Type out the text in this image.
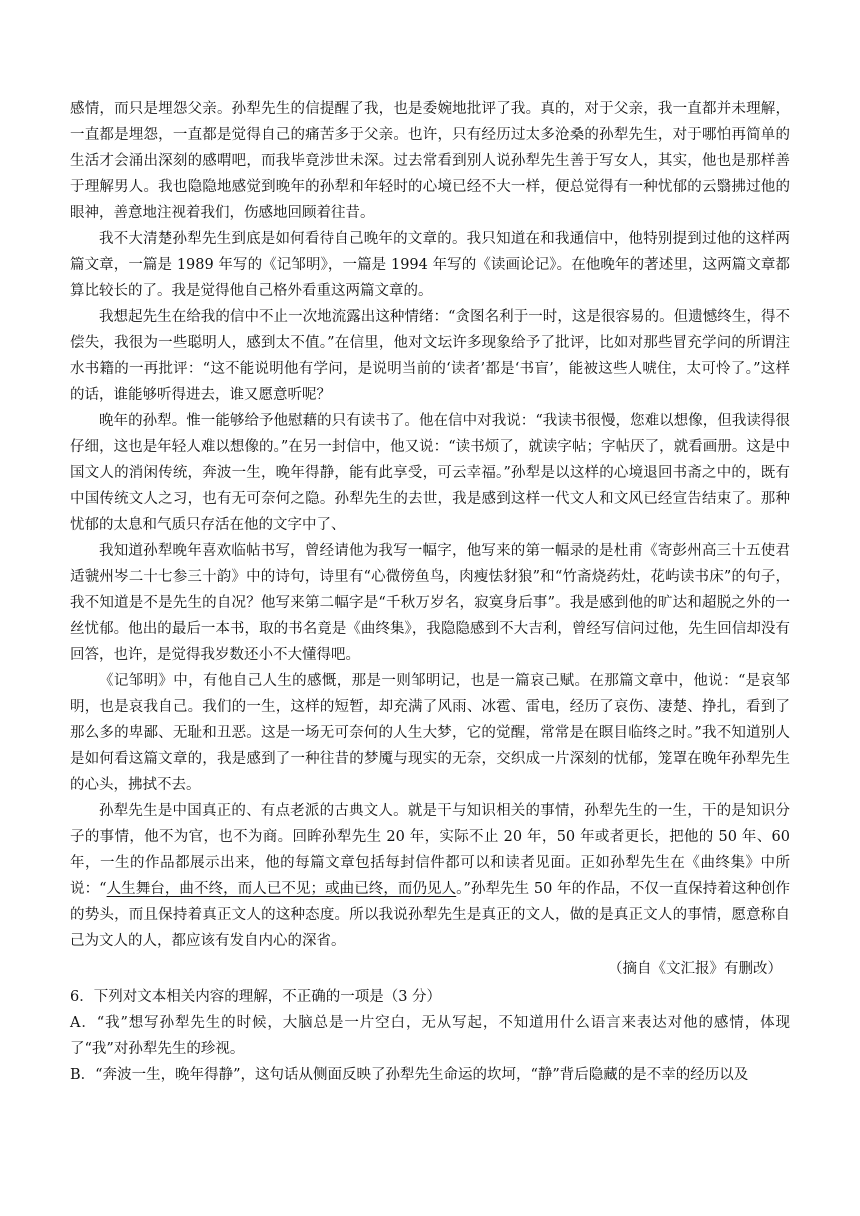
感情，而只是埋怨父亲。孙犁先生的信提醒了我，也是委婉地批评了我。真的，对于父亲，我一直都并未理解，一直都是埋怨，一直都是觉得自己的痛苦多于父亲。也许，只有经历过太多沧桑的孙犁先生，对于哪怕再简单的生活才会涌出深刻的感喟吧，而我毕竟涉世未深。过去常看到别人说孙犁先生善于写女人，其实，他也是那样善于理解男人。我也隐隐地感觉到晚年的孙犁和年轻时的心境已经不大一样，便总觉得有一种忧郁的云翳拂过他的眼神，善意地注视着我们，伤感地回顾着往昔。

我不大清楚孙犁先生到底是如何看待自己晚年的文章的。我只知道在和我通信中，他特别提到过他的这样两篇文章，一篇是 1989 年写的《记邹明》，一篇是 1994 年写的《读画论记》。在他晚年的著述里，这两篇文章都算比较长的了。我是觉得他自己格外看重这两篇文章的。

我想起先生在给我的信中不止一次地流露出这种情绪：“贪图名利于一时，这是很容易的。但遗憾终生，得不偿失，我很为一些聪明人，感到太不值。”在信里，他对文坛许多现象给予了批评，比如对那些冒充学问的所谓注水书籍的一再批评：“这不能说明他有学问，是说明当前的‘读者’都是‘书盲’，能被这些人唬住，太可怜了。”这样的话，谁能够听得进去，谁又愿意听呢？

晚年的孙犁。惟一能够给予他慰藉的只有读书了。他在信中对我说：“我读书很慢，您难以想像，但我读得很仔细，这也是年轻人难以想像的。”在另一封信中，他又说：“读书烦了，就读字帖；字帖厌了，就看画册。这是中国文人的消闲传统，奔波一生，晚年得静，能有此享受，可云幸福。”孙犁是以这样的心境退回书斋之中的，既有中国传统文人之习，也有无可奈何之隐。孙犁先生的去世，我是感到这样一代文人和文风已经宣告结束了。那种忧郁的太息和气质只存活在他的文字中了、

我知道孙犁晚年喜欢临帖书写，曾经请他为我写一幅字，他写来的第一幅录的是杜甫《寄彭州高三十五使君适虢州岑二十七参三十韵》中的诗句，诗里有“心微傍鱼鸟，肉瘦怯豺狼”和“竹斋烧药灶，花屿读书床”的句子，我不知道是不是先生的自况？他写来第二幅字是“千秋万岁名，寂寞身后事”。我是感到他的旷达和超脱之外的一丝忧郁。他出的最后一本书，取的书名竟是《曲终集》，我隐隐感到不大吉利，曾经写信问过他，先生回信却没有回答，也许，是觉得我岁数还小不大懂得吧。

《记邹明》中，有他自己人生的感慨，那是一则邹明记，也是一篇哀己赋。在那篇文章中，他说：“是哀邹明，也是哀我自己。我们的一生，这样的短暂，却充满了风雨、冰雹、雷电，经历了哀伤、凄楚、挣扎，看到了那么多的卑鄙、无耻和丑恶。这是一场无可奈何的人生大梦，它的觉醒，常常是在瞑目临终之时。”我不知道别人是如何看这篇文章的，我是感到了一种往昔的梦魇与现实的无奈，交织成一片深刻的忧郁，笼罩在晚年孙犁先生的心头，拂拭不去。

孙犁先生是中国真正的、有点老派的古典文人。就是干与知识相关的事情，孙犁先生的一生，干的是知识分子的事情，他不为官，也不为商。回眸孙犁先生 20 年，实际不止 20 年，50 年或者更长，把他的 50 年、60 年，一生的作品都展示出来，他的每篇文章包括每封信件都可以和读者见面。正如孙犁先生在《曲终集》中所说：“人生舞台，曲不终，而人已不见；或曲已终，而仍见人。”孙犁先生 50 年的作品，不仅一直保持着这种创作的势头，而且保持着真正文人的这种态度。所以我说孙犁先生是真正的文人，做的是真正文人的事情，愿意称自己为文人的人，都应该有发自内心的深省。

（摘自《文汇报》有删改）

6．下列对文本相关内容的理解，不正确的一项是（3 分）

A．“我”想写孙犁先生的时候，大脑总是一片空白，无从写起，不知道用什么语言来表达对他的感情，体现了“我”对孙犁先生的珍视。

B．“奔波一生，晚年得静”，这句话从侧面反映了孙犁先生命运的坎坷，“静”背后隐藏的是不幸的经历以及
